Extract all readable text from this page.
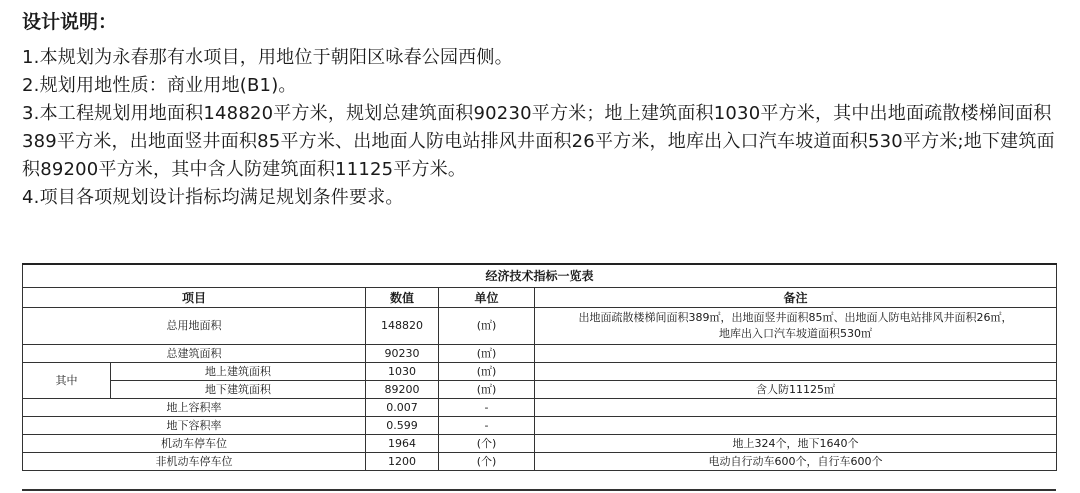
设计说明：

1.本规划为永春那有水项目，用地位于朝阳区咏春公园西侧。

2.规划用地性质：商业用地(B1)。

3.本工程规划用地面积148820平方米，规划总建筑面积90230平方米；地上建筑面积1030平方米，其中出地面疏散楼梯间面积389平方米，出地面竖井面积85平方米、出地面人防电站排风井面积26平方米，地库出入口汽车坡道面积530平方米;地下建筑面积89200平方米，其中含人防建筑面积11125平方米。

4.项目各项规划设计指标均满足规划条件要求。

经济技术指标一览表				
项目		数值	单位	备注
总用地面积		148820	(㎡)	出地面疏散楼梯间面积389㎡，出地面竖井面积85㎡、出地面人防电站排风井面积26㎡，
地库出入口汽车坡道面积530㎡

总建筑面积		90230	(㎡)	
其中	地上建筑面积	1030	(㎡)	
	地下建筑面积	89200	(㎡)	含人防11125㎡
地上容积率		0.007	-	
地下容积率		0.599	-	
机动车停车位		1964	(个)	地上324个，地下1640个
非机动车停车位		1200	(个)	电动自行动车600个，自行车600个
